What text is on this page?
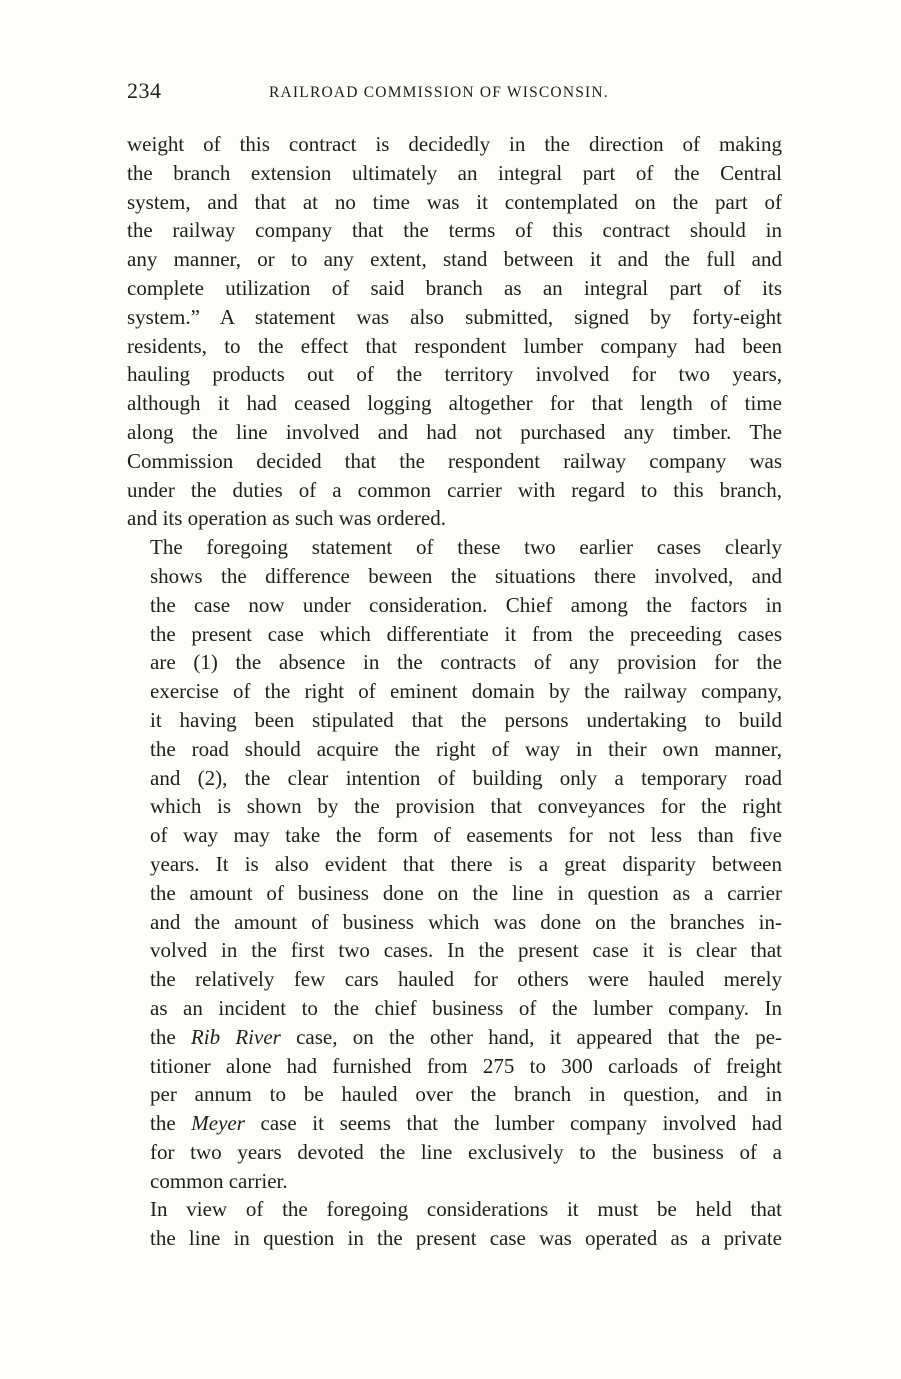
234	RAILROAD COMMISSION OF WISCONSIN.

weight of this contract is decidedly in the direction of making
the branch extension ultimately an integral part of the Central
system, and that at no time was it contemplated on the part of
the railway company that the terms of this contract should in
any manner, or to any extent, stand between it and the full and
complete utilization of said branch as an integral part of its
system.” A statement was also submitted, signed by forty-eight
residents, to the effect that respondent lumber company had been
hauling products out of the territory involved for two years,
although it had ceased logging altogether for that length of time
along the line involved and had not purchased any timber. The
Commission decided that the respondent railway company was
under the duties of a common carrier with regard to this branch,
and its operation as such was ordered.

The foregoing statement of these two earlier cases clearly
shows the difference beween the situations there involved, and
the case now under consideration. Chief among the factors in
the present case which differentiate it from the preceeding cases
are (1) the absence in the contracts of any provision for the
exercise of the right of eminent domain by the railway company,
it having been stipulated that the persons undertaking to build
the road should acquire the right of way in their own manner,
and (2), the clear intention of building only a temporary road
which is shown by the provision that conveyances for the right
of way may take the form of easements for not less than five
years. It is also evident that there is a great disparity between
the amount of business done on the line in question as a carrier
and the amount of business which was done on the branches in-
volved in the first two cases. In the present case it is clear that
the relatively few cars hauled for others were hauled merely
as an incident to the chief business of the lumber company. In
the Rib River case, on the other hand, it appeared that the pe-
titioner alone had furnished from 275 to 300 carloads of freight
per annum to be hauled over the branch in question, and in
the Meyer case it seems that the lumber company involved had
for two years devoted the line exclusively to the business of a
common carrier.

In view of the foregoing considerations it must be held that
the line in question in the present case was operated as a private
